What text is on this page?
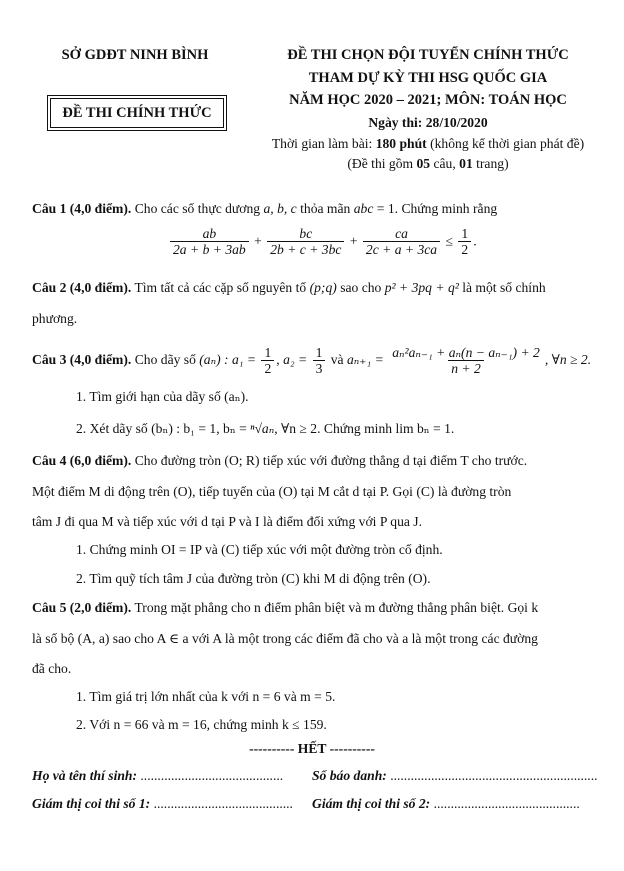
SỞ GDĐT NINH BÌNH
ĐỀ THI CHÍNH THỨC
ĐỀ THI CHỌN ĐỘI TUYỂN CHÍNH THỨC
THAM DỰ KỲ THI HSG QUỐC GIA
NĂM HỌC 2020 – 2021; MÔN: TOÁN HỌC
Ngày thi: 28/10/2020
Thời gian làm bài: 180 phút (không kể thời gian phát đề)
(Đề thi gồm 05 câu, 01 trang)
Câu 1 (4,0 điểm). Cho các số thực dương a, b, c thỏa mãn abc = 1. Chứng minh rằng
$\frac{ab}{2a + b + 3ab} + \frac{bc}{2b + c + 3bc} + \frac{ca}{2c + a + 3ca} \le \frac{1}{2}$ .
Câu 2 (4,0 điểm). Tìm tất cả các cặp số nguyên tố (p;q) sao cho p² + 3pq + q² là một số chính
phương.
Câu 3 (4,0 điểm). Cho dãy số (aₙ) : $a_1 = \frac{1}{2}$ , $a_2 = \frac{1}{3}$ và $a_{n+1} = \frac{\text{aₙ²aₙ₋₁ + aₙ(n − aₙ₋₁) + 2}}{n + 2}$ , ∀n ≥ 2.
1. Tìm giới hạn của dãy số (aₙ).
2. Xét dãy số (bₙ) : b₁ = 1, bₙ = ⁿ√aₙ, ∀n ≥ 2. Chứng minh lim bₙ = 1.
Câu 4 (6,0 điểm). Cho đường tròn (O; R) tiếp xúc với đường thẳng d tại điểm T cho trước.
Một điểm M di động trên (O), tiếp tuyến của (O) tại M cắt d tại P. Gọi (C) là đường tròn
tâm J đi qua M và tiếp xúc với d tại P và I là điểm đối xứng với P qua J.
1. Chứng minh OI = IP và (C) tiếp xúc với một đường tròn cố định.
2. Tìm quỹ tích tâm J của đường tròn (C) khi M di động trên (O).
Câu 5 (2,0 điểm). Trong mặt phẳng cho n điểm phân biệt và m đường thẳng phân biệt. Gọi k
là số bộ (A, a) sao cho A ∈ a với A là một trong các điểm đã cho và a là một trong các đường
đã cho.
1. Tìm giá trị lớn nhất của k với n = 6 và m = 5.
2. Với n = 66 và m = 16, chứng minh k ≤ 159.
---------- HẾT ----------
Họ và tên thí sinh: .......................................... Số báo danh: .............................................................
Giám thị coi thi số 1: ......................................... Giám thị coi thi số 2: ...........................................
